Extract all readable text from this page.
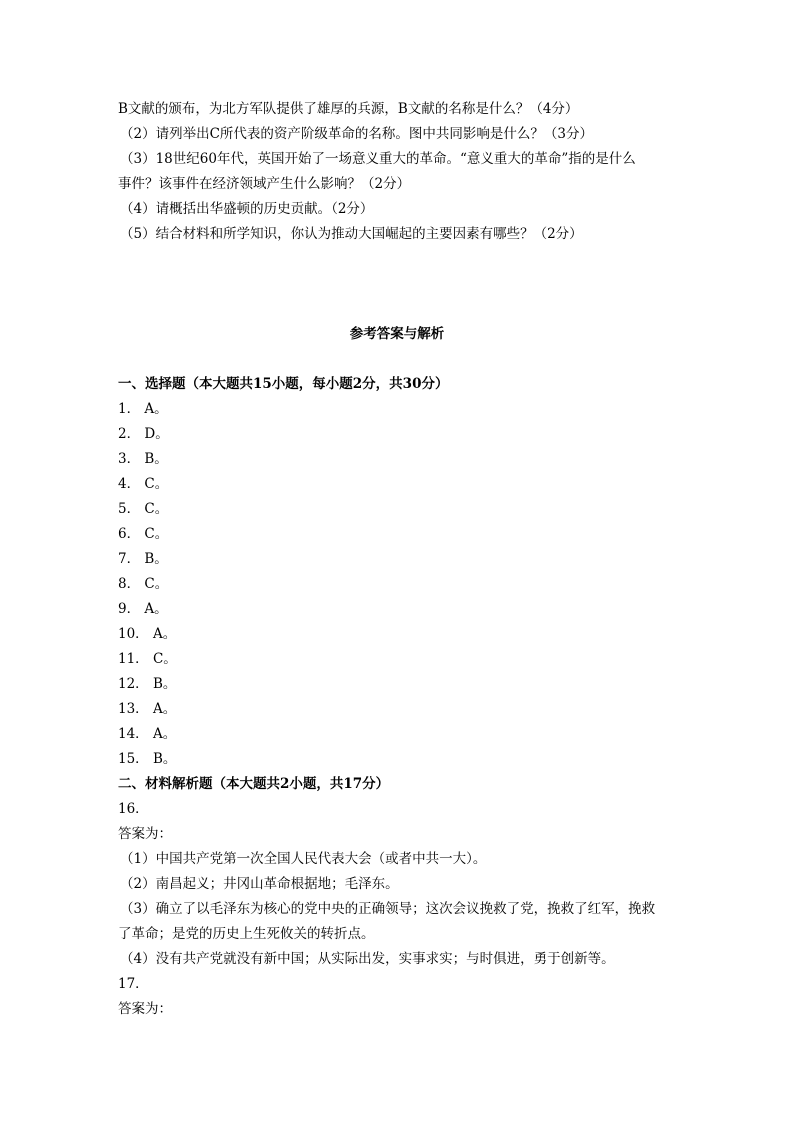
B文献的颁布，为北方军队提供了雄厚的兵源，B文献的名称是什么？（4分）
（2）请列举出C所代表的资产阶级革命的名称。图中共同影响是什么？（3分）
（3）18世纪60年代，英国开始了一场意义重大的革命。“意义重大的革命”指的是什么
事件？该事件在经济领域产生什么影响？（2分）
（4）请概括出华盛顿的历史贡献。（2分）
（5）结合材料和所学知识，你认为推动大国崛起的主要因素有哪些？（2分）
参考答案与解析
一、选择题（本大题共15小题，每小题2分，共30分）
1． A。
2． D。
3． B。
4． C。
5． C。
6． C。
7． B。
8． C。
9． A。
10． A。
11． C。
12． B。
13． A。
14． A。
15． B。
二、材料解析题（本大题共2小题，共17分）
16．
答案为：
（1）中国共产党第一次全国人民代表大会（或者中共一大）。
（2）南昌起义；井冈山革命根据地；毛泽东。
（3）确立了以毛泽东为核心的党中央的正确领导；这次会议挽救了党，挽救了红军，挽救
了革命；是党的历史上生死攸关的转折点。
（4）没有共产党就没有新中国；从实际出发，实事求实；与时俱进，勇于创新等。
17．
答案为：
